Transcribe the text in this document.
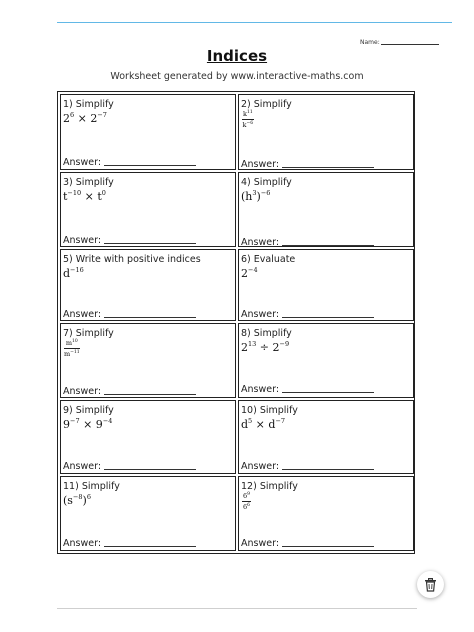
Name:
Indices
Worksheet generated by www.interactive-maths.com
1) Simplify
$2^6 \times 2^{-7}$
Answer:
2) Simplify
$\frac{k^{11}}{k^{-6}}$
Answer:
3) Simplify
$t^{-10} \times t^0$
Answer:
4) Simplify
$(h^3)^{-6}$
Answer:
5) Write with positive indices
$d^{-16}$
Answer:
6) Evaluate
$2^{-4}$
Answer:
7) Simplify
$\frac{m^{10}}{m^{-11}}$
Answer:
8) Simplify
$2^{13} \div 2^{-9}$
Answer:
9) Simplify
$9^{-7} \times 9^{-4}$
Answer:
10) Simplify
$d^5 \times d^{-7}$
Answer:
11) Simplify
$(s^{-8})^6$
Answer:
12) Simplify
$\frac{6^9}{6^6}$
Answer:
